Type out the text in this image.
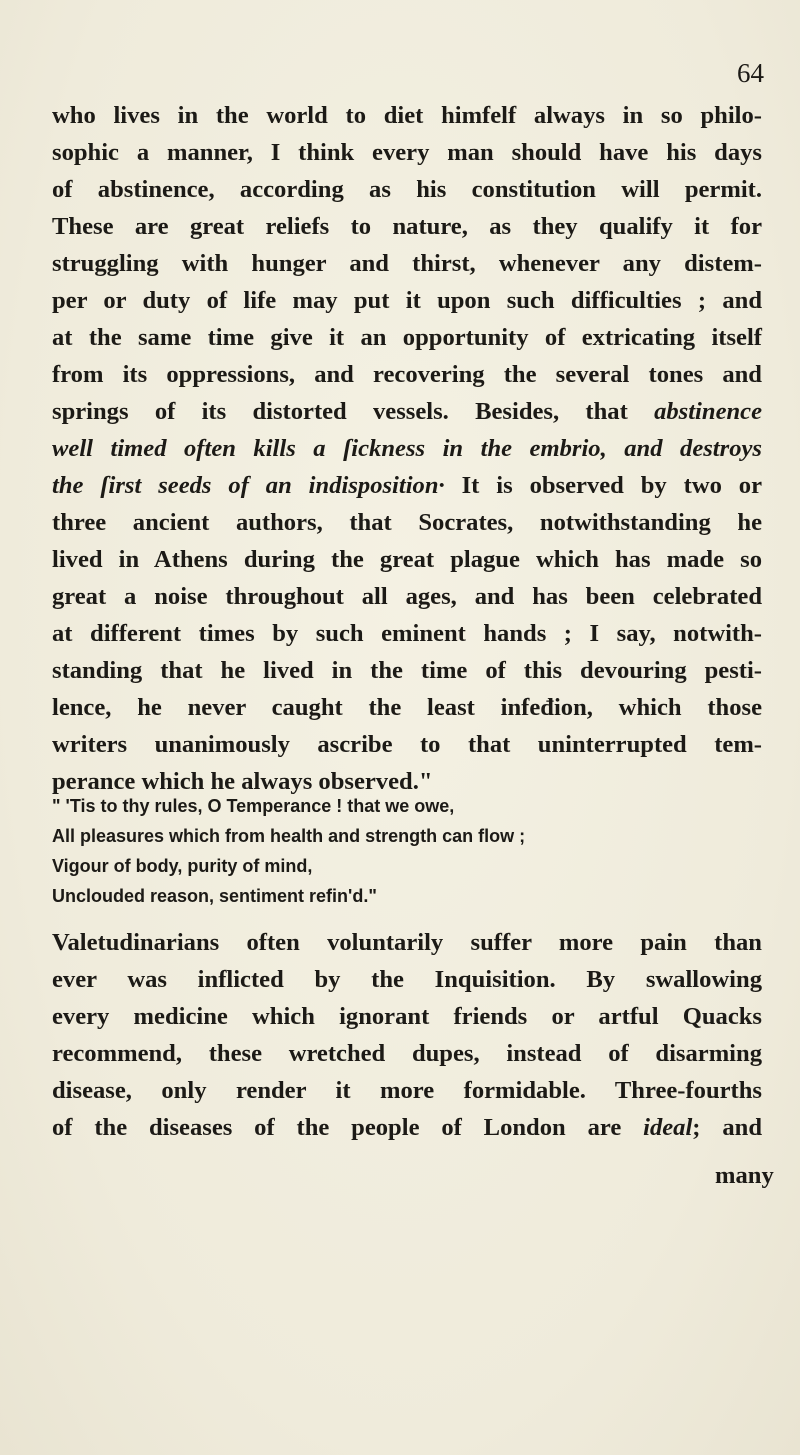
64
who lives in the world to diet himfelf always in so philo-
sophic a manner, I think every man should have his days
of abstinence, according as his constitution will permit.
These are great reliefs to nature, as they qualify it for
struggling with hunger and thirst, whenever any distem-
per or duty of life may put it upon such difficulties ; and
at the same time give it an opportunity of extricating itself
from its oppressions, and recovering the several tones and
springs of its distorted vessels. Besides, that abstinence
well timed often kills a ſickness in the embrio, and destroys
the ſirst seeds of an indisposition· It is observed by two or
three ancient authors, that Socrates, notwithstanding he
lived in Athens during the great plague which has made so
great a noise throughout all ages, and has been celebrated
at different times by such eminent hands ; I say, notwith-
standing that he lived in the time of this devouring pesti-
lence, he never caught the least infeđion, which those
writers unanimously ascribe to that uninterrupted tem-
perance which he always observed."
" 'Tis to thy rules, O Temperance ! that we owe,
All pleasures which from health and strength can flow ;
Vigour of body, purity of mind,
Unclouded reason, sentiment refin'd."
Valetudinarians often voluntarily suffer more pain than
ever was inflicted by the Inquisition. By swallowing
every medicine which ignorant friends or artful Quacks
recommend, these wretched dupes, instead of disarming
disease, only render it more formidable. Three-fourths
of the diseases of the people of London are ideal; and
many
